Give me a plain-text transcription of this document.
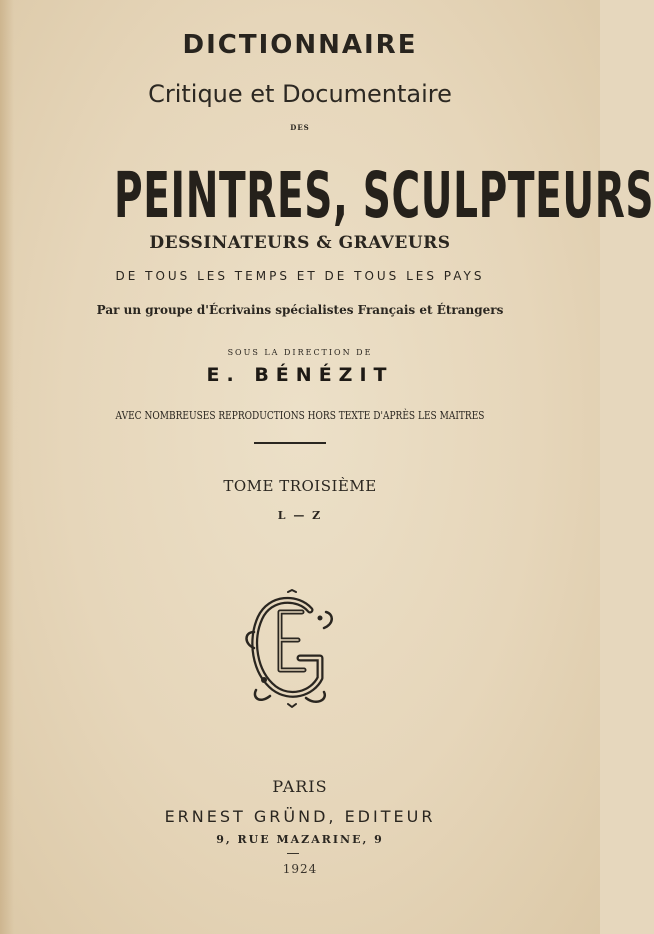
DICTIONNAIRE
Critique et Documentaire
DES
PEINTRES, SCULPTEURS
DESSINATEURS & GRAVEURS
DE TOUS LES TEMPS ET DE TOUS LES PAYS
Par un groupe d'Écrivains spécialistes Français et Étrangers
SOUS LA DIRECTION DE
E. BÉNÉZIT
AVEC NOMBREUSES REPRODUCTIONS HORS TEXTE D'APRÈS LES MAITRES
TOME TROISIÈME
L — Z
PARIS
ERNEST GRÜND, EDITEUR
9, RUE MAZARINE, 9
1924
